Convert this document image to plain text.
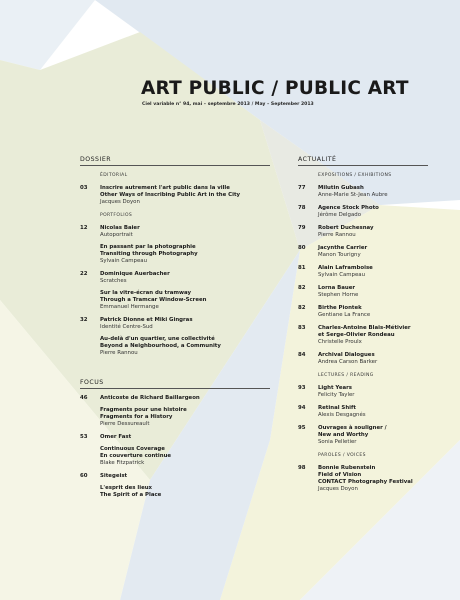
ART PUBLIC / PUBLIC ART
Ciel variable n° 94, mai – septembre 2013 / May – September 2013
DOSSIER
ÉDITORIAL
03	Inscrire autrement l'art public dans la ville
Other Ways of Inscribing Public Art in the City
Jacques Doyon
PORTFOLIOS
12	Nicolas Baier
Autoportrait
En passant par la photographie
Transiting through Photography
Sylvain Campeau
22	Dominique Auerbacher
Scratches
Sur la vitre-écran du tramway
Through a Tramcar Window-Screen
Emmanuel Hermange
32	Patrick Dionne et Miki Gingras
Identité Centre-Sud
Au-delà d'un quartier, une collectivité
Beyond a Neighbourhood, a Community
Pierre Rannou
FOCUS
46	Anticoste de Richard Baillargeon
Fragments pour une histoire
Fragments for a History
Pierre Dessureault
53	Omer Fast
Continuous Coverage
En couverture continue
Blake Fitzpatrick
60	Sitegeist
L'esprit des lieux
The Spirit of a Place
ACTUALITÉ
EXPOSITIONS / EXHIBITIONS
77	Milutin Gubash
Anne-Marie St-Jean Aubre
78	Agence Stock Photo
Jérôme Delgado
79	Robert Duchesnay
Pierre Rannou
80	Jacynthe Carrier
Manon Tourigny
81	Alain Laframboise
Sylvain Campeau
82	Lorna Bauer
Stephen Horne
82	Birthe Piontek
Gentiane La France
83	Charles-Antoine Blais-Métivier
et Serge-Olivier Rondeau
Christelle Proulx
84	Archival Dialogues
Andrea Carson Barker
LECTURES / READING
93	Light Years
Felicity Tayler
94	Retinal Shift
Alexis Desgagnés
95	Ouvrages à souligner /
New and Worthy
Sonia Pelletier
PAROLES / VOICES
98	Bonnie Rubenstein
Field of Vision
CONTACT Photography Festival
Jacques Doyon
